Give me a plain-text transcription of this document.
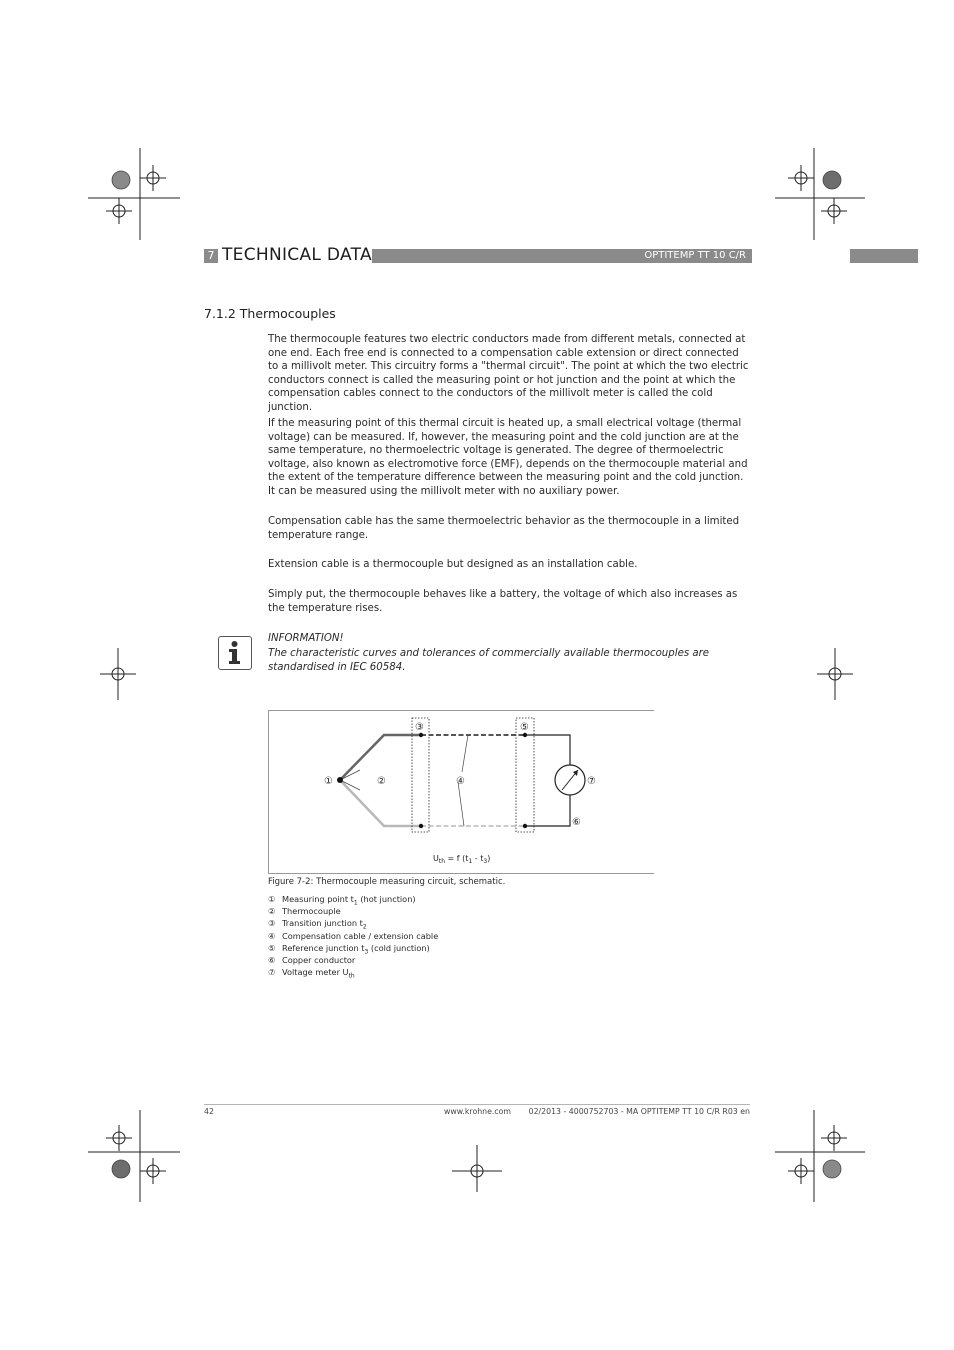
7 TECHNICAL DATA	OPTITEMP TT 10 C/R
7.1.2 Thermocouples

The thermocouple features two electric conductors made from different metals, connected at one end. Each free end is connected to a compensation cable extension or direct connected to a millivolt meter. This circuitry forms a "thermal circuit". The point at which the two electric conductors connect is called the measuring point or hot junction and the point at which the compensation cables connect to the conductors of the millivolt meter is called the cold junction.

If the measuring point of this thermal circuit is heated up, a small electrical voltage (thermal voltage) can be measured. If, however, the measuring point and the cold junction are at the same temperature, no thermoelectric voltage is generated. The degree of thermoelectric voltage, also known as electromotive force (EMF), depends on the thermocouple material and the extent of the temperature difference between the measuring point and the cold junction. It can be measured using the millivolt meter with no auxiliary power.

Compensation cable has the same thermoelectric behavior as the thermocouple in a limited temperature range.

Extension cable is a thermocouple but designed as an installation cable.

Simply put, the thermocouple behaves like a battery, the voltage of which also increases as the temperature rises.

INFORMATION!

The characteristic curves and tolerances of commercially available thermocouples are standardised in IEC 60584.

①	②
③
④
⑤
⑥
⑦
$U_{th} = f$ $(t_1 - t_3)$
Figure 7-2: Thermocouple measuring circuit, schematic.
① Measuring point $t_1$ (hot junction)
② Thermocouple
③ Transition junction $t_2$
④ Compensation cable / extension cable
⑤ Reference junction $t_3$ (cold junction)
⑥ Copper conductor
⑦ Voltage meter $U_{th}$
42	www.krohne.com 02/2013 - 4000752703 - MA OPTITEMP TT 10 C/R R03 en
